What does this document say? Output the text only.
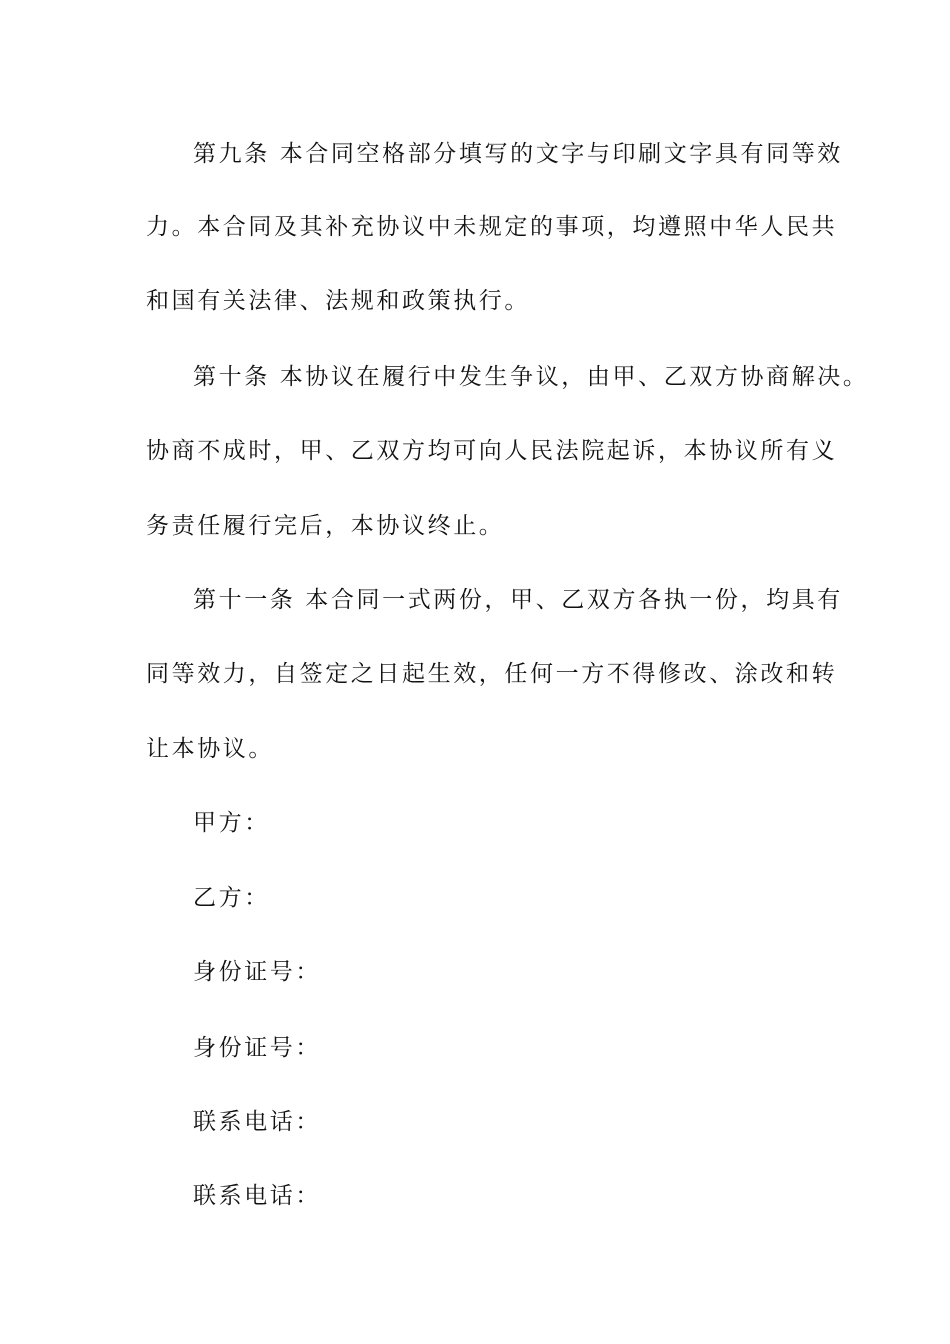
第九条 本合同空格部分填写的文字与印刷文字具有同等效
力。本合同及其补充协议中未规定的事项，均遵照中华人民共
和国有关法律、法规和政策执行。
第十条 本协议在履行中发生争议，由甲、乙双方协商解决。
协商不成时，甲、乙双方均可向人民法院起诉，本协议所有义
务责任履行完后，本协议终止。
第十一条 本合同一式两份，甲、乙双方各执一份，均具有
同等效力，自签定之日起生效，任何一方不得修改、涂改和转
让本协议。
甲方：
乙方：
身份证号：
身份证号：
联系电话：
联系电话：
